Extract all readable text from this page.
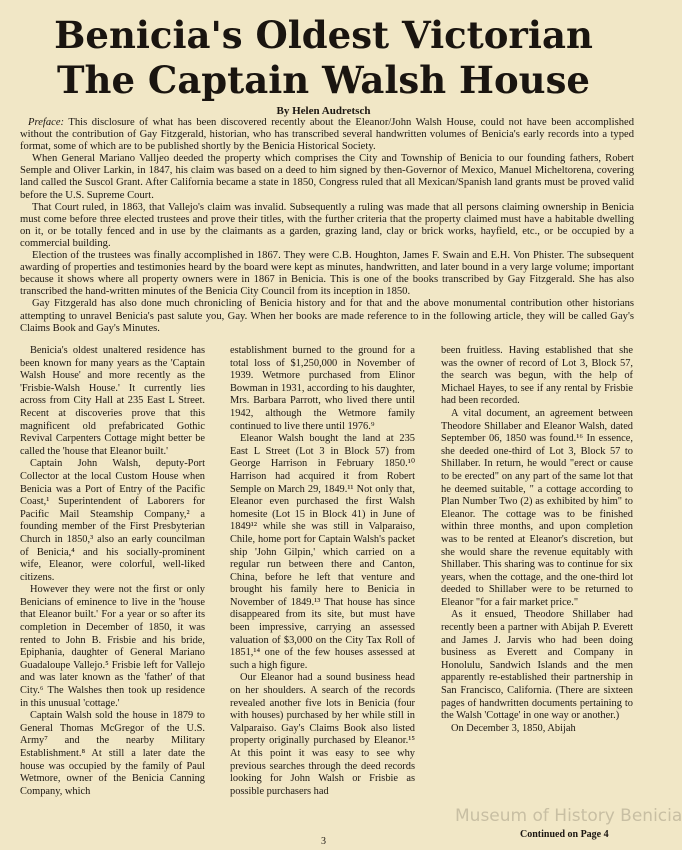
Benicia's Oldest Victorian
The Captain Walsh House
By Helen Audretsch

Preface: This disclosure of what has been discovered recently about the Eleanor/John Walsh House, could not have been accomplished without the contribution of Gay Fitzgerald, historian, who has transcribed several handwritten volumes of Benicia's early records into a typed format, some of which are to be published shortly by the Benicia Historical Society.

When General Mariano Valljeo deeded the property which comprises the City and Township of Benicia to our founding fathers, Robert Semple and Oliver Larkin, in 1847, his claim was based on a deed to him signed by then-Governor of Mexico, Manuel Micheltorena, covering land called the Suscol Grant. After California became a state in 1850, Congress ruled that all Mexican/Spanish land grants must be proved valid before the U.S. Supreme Court.

That Court ruled, in 1863, that Vallejo's claim was invalid. Subsequently a ruling was made that all persons claiming ownership in Benicia must come before three elected trustees and prove their titles, with the further criteria that the property claimed must have a habitable dwelling on it, or be totally fenced and in use by the claimants as a garden, grazing land, clay or brick works, hayfield, etc., or be occupied by a commercial building.

Election of the trustees was finally accomplished in 1867. They were C.B. Houghton, James F. Swain and E.H. Von Phister. The subsequent awarding of properties and testimonies heard by the board were kept as minutes, handwritten, and later bound in a very large volume; important because it shows where all property owners were in 1867 in Benicia. This is one of the books transcribed by Gay Fitzgerald. She has also transcribed the hand-written minutes of the Benicia City Council from its inception in 1850.

Gay Fitzgerald has also done much chronicling of Benicia history and for that and the above monumental contribution other historians attempting to unravel Benicia's past salute you, Gay. When her books are made reference to in the following article, they will be called Gay's Claims Book and Gay's Minutes.

Benicia's oldest unaltered residence has been known for many years as the 'Captain Walsh House' and more recently as the 'Frisbie-Walsh House.' It currently lies across from City Hall at 235 East L Street. Recent at discoveries prove that this magnificent old prefabricated Gothic Revival Carpenters Cottage might better be called the 'house that Eleanor built.'

Captain John Walsh, deputy-Port Collector at the local Custom House when Benicia was a Port of Entry of the Pacific Coast,¹ Superintendent of Laborers for Pacific Mail Steamship Company,² a founding member of the First Presbyterian Church in 1850,³ also an early councilman of Benicia,⁴ and his socially-prominent wife, Eleanor, were colorful, well-liked citizens.

However they were not the first or only Benicians of eminence to live in the 'house that Eleanor built.' For a year or so after its completion in December of 1850, it was rented to John B. Frisbie and his bride, Epiphania, daughter of General Mariano Guadaloupe Vallejo.⁵ Frisbie left for Vallejo and was later known as the 'father' of that City.⁶ The Walshes then took up residence in this unusual 'cottage.'

Captain Walsh sold the house in 1879 to General Thomas McGregor of the U.S. Army⁷ and the nearby Military Establishment.⁸ At still a later date the house was occupied by the family of Paul Wetmore, owner of the Benicia Canning Company, which

establishment burned to the ground for a total loss of $1,250,000 in November of 1939. Wetmore purchased from Elinor Bowman in 1931, according to his daughter, Mrs. Barbara Parrott, who lived there until 1942, although the Wetmore family continued to live there until 1976.⁹

Eleanor Walsh bought the land at 235 East L Street (Lot 3 in Block 57) from George Harrison in February 1850.¹⁰ Harrison had acquired it from Robert Semple on March 29, 1849.¹¹ Not only that, Eleanor even purchased the first Walsh homesite (Lot 15 in Block 41) in June of 1849¹² while she was still in Valparaiso, Chile, home port for Captain Walsh's packet ship 'John Gilpin,' which carried on a regular run between there and Canton, China, before he left that venture and brought his family here to Benicia in November of 1849.¹³ That house has since disappeared from its site, but must have been impressive, carrying an assessed valuation of $3,000 on the City Tax Roll of 1851,¹⁴ one of the few houses assessed at such a high figure.

Our Eleanor had a sound business head on her shoulders. A search of the records revealed another five lots in Benicia (four with houses) purchased by her while still in Valparaiso. Gay's Claims Book also listed property originally purchased by Eleanor.¹⁵ At this point it was easy to see why previous searches through the deed records looking for John Walsh or Frisbie as possible purchasers had

been fruitless. Having established that she was the owner of record of Lot 3, Block 57, the search was begun, with the help of Michael Hayes, to see if any rental by Frisbie had been recorded.

A vital document, an agreement between Theodore Shillaber and Eleanor Walsh, dated September 06, 1850 was found.¹⁶ In essence, she deeded one-third of Lot 3, Block 57 to Shillaber. In return, he would "erect or cause to be erected" on any part of the same lot that he deemed suitable, " a cottage according to Plan Number Two (2) as exhibited by him" to Eleanor. The cottage was to be finished within three months, and upon completion was to be rented at Eleanor's discretion, but she would share the revenue equitably with Shillaber. This sharing was to continue for six years, when the cottage, and the one-third lot deeded to Shillaber were to be returned to Eleanor "for a fair market price."

As it ensued, Theodore Shillaber had recently been a partner with Abijah P. Everett and James J. Jarvis who had been doing business as Everett and Company in Honolulu, Sandwich Islands and the men apparently re-established their partnership in San Francisco, California. (There are sixteen pages of handwritten documents pertaining to the Walsh 'Cottage' in one way or another.)

On December 3, 1850, Abijah

Museum of History Benicia
Continued on Page 4
3
